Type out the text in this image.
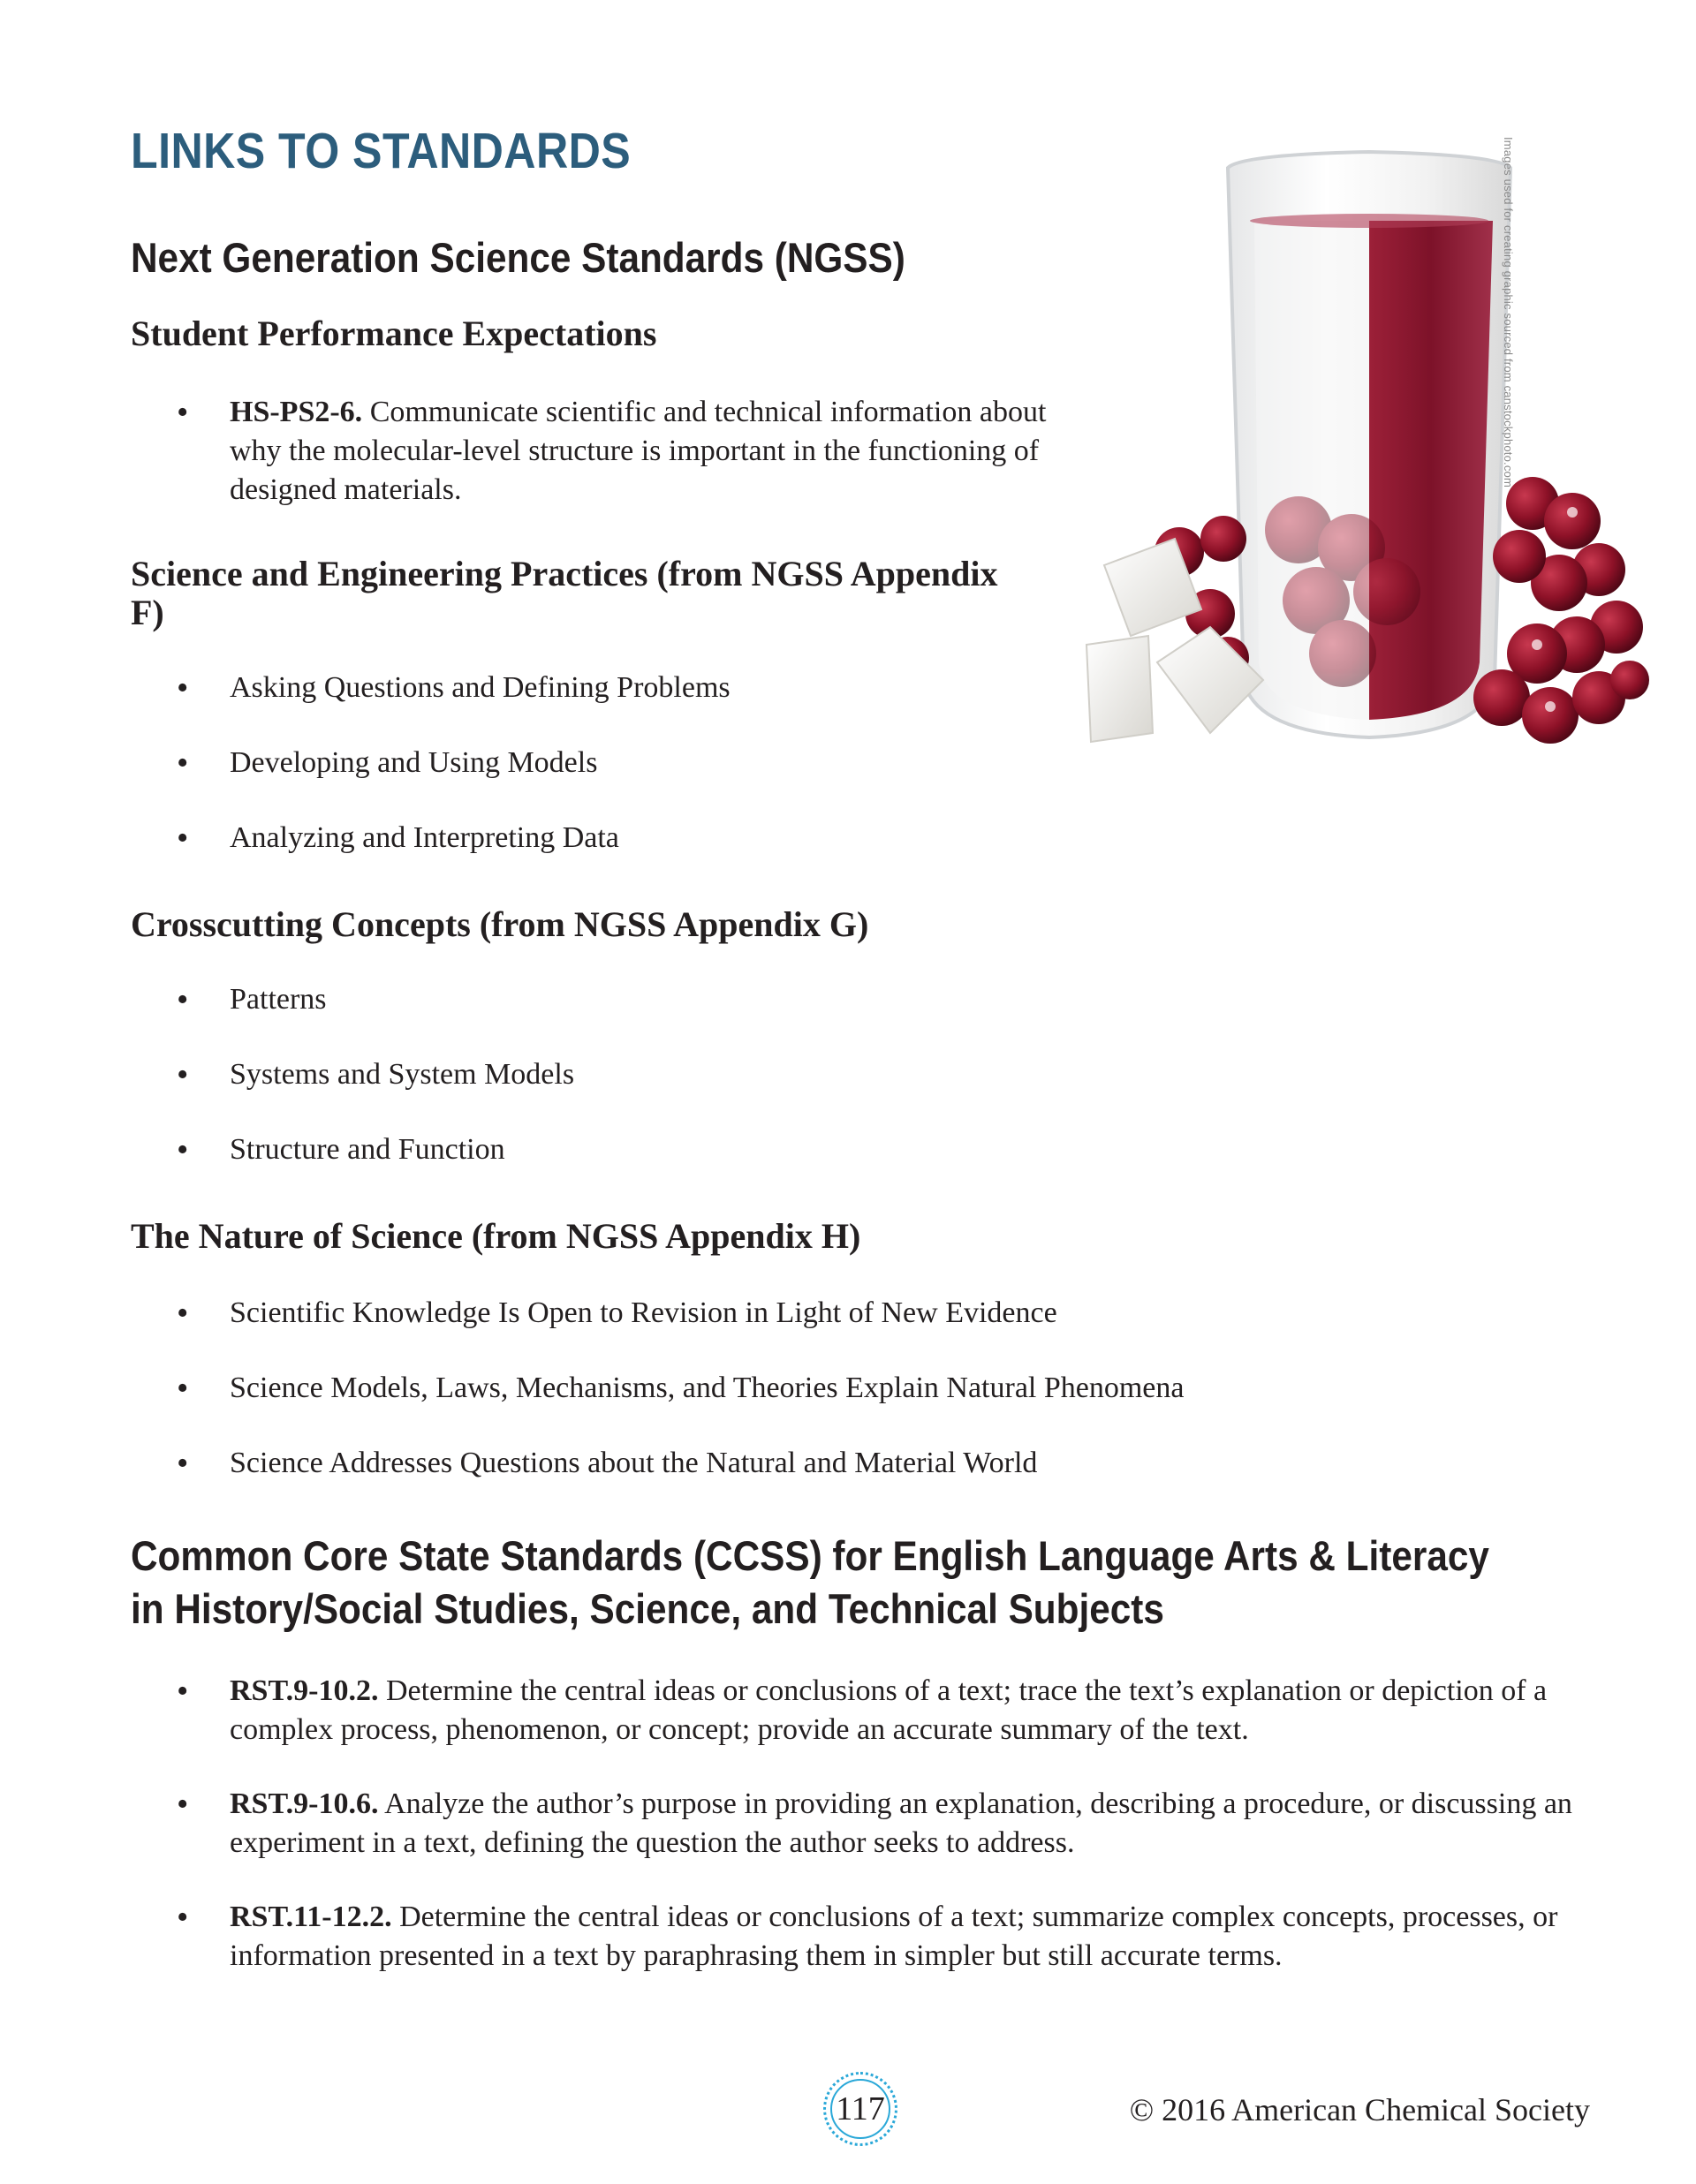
LINKS TO STANDARDS
Next Generation Science Standards (NGSS)
Student Performance Expectations
• HS-PS2-6. Communicate scientific and technical information about why the molecular-level structure is important in the functioning of designed materials.
Science and Engineering Practices (from NGSS Appendix F)
• Asking Questions and Defining Problems
• Developing and Using Models
• Analyzing and Interpreting Data
Crosscutting Concepts (from NGSS Appendix G)
• Patterns
• Systems and System Models
• Structure and Function
The Nature of Science (from NGSS Appendix H)
• Scientific Knowledge Is Open to Revision in Light of New Evidence
• Science Models, Laws, Mechanisms, and Theories Explain Natural Phenomena
• Science Addresses Questions about the Natural and Material World
Common Core State Standards (CCSS) for English Language Arts & Literacy
in History/Social Studies, Science, and Technical Subjects
• RST.9-10.2. Determine the central ideas or conclusions of a text; trace the text’s explanation or depiction of a complex process, phenomenon, or concept; provide an accurate summary of the text.
• RST.9-10.6. Analyze the author’s purpose in providing an explanation, describing a procedure, or discussing an experiment in a text, defining the question the author seeks to address.
• RST.11-12.2. Determine the central ideas or conclusions of a text; summarize complex concepts, processes, or information presented in a text by paraphrasing them in simpler but still accurate terms.
Images used for creating graphic sourced from canstockphoto.com
117	© 2016 American Chemical Society
